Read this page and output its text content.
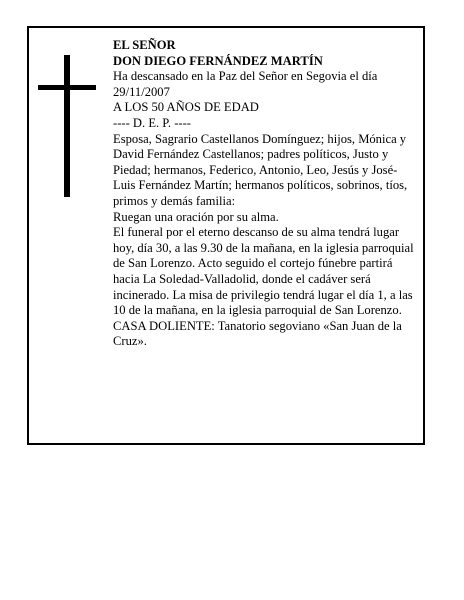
EL SEÑOR

DON DIEGO FERNÁNDEZ MARTÍN

Ha descansado en la Paz del Señor en Segovia el día 29/11/2007

A LOS 50 AÑOS DE EDAD

---- D. E. P. ----

Esposa, Sagrario Castellanos Domínguez; hijos, Mónica y David Fernández Castellanos; padres políticos, Justo y Piedad; hermanos, Federico, Antonio, Leo, Jesús y José-Luis Fernández Martín; hermanos políticos, sobrinos, tíos, primos y demás familia:

Ruegan una oración por su alma.

El funeral por el eterno descanso de su alma tendrá lugar hoy, día 30, a las 9.30 de la mañana, en la iglesia parroquial de San Lorenzo. Acto seguido el cortejo fúnebre partirá hacia La Soledad-Valladolid, donde el cadáver será incinerado. La misa de privilegio tendrá lugar el día 1, a las 10 de la mañana, en la iglesia parroquial de San Lorenzo.

CASA DOLIENTE: Tanatorio segoviano «San Juan de la Cruz».
